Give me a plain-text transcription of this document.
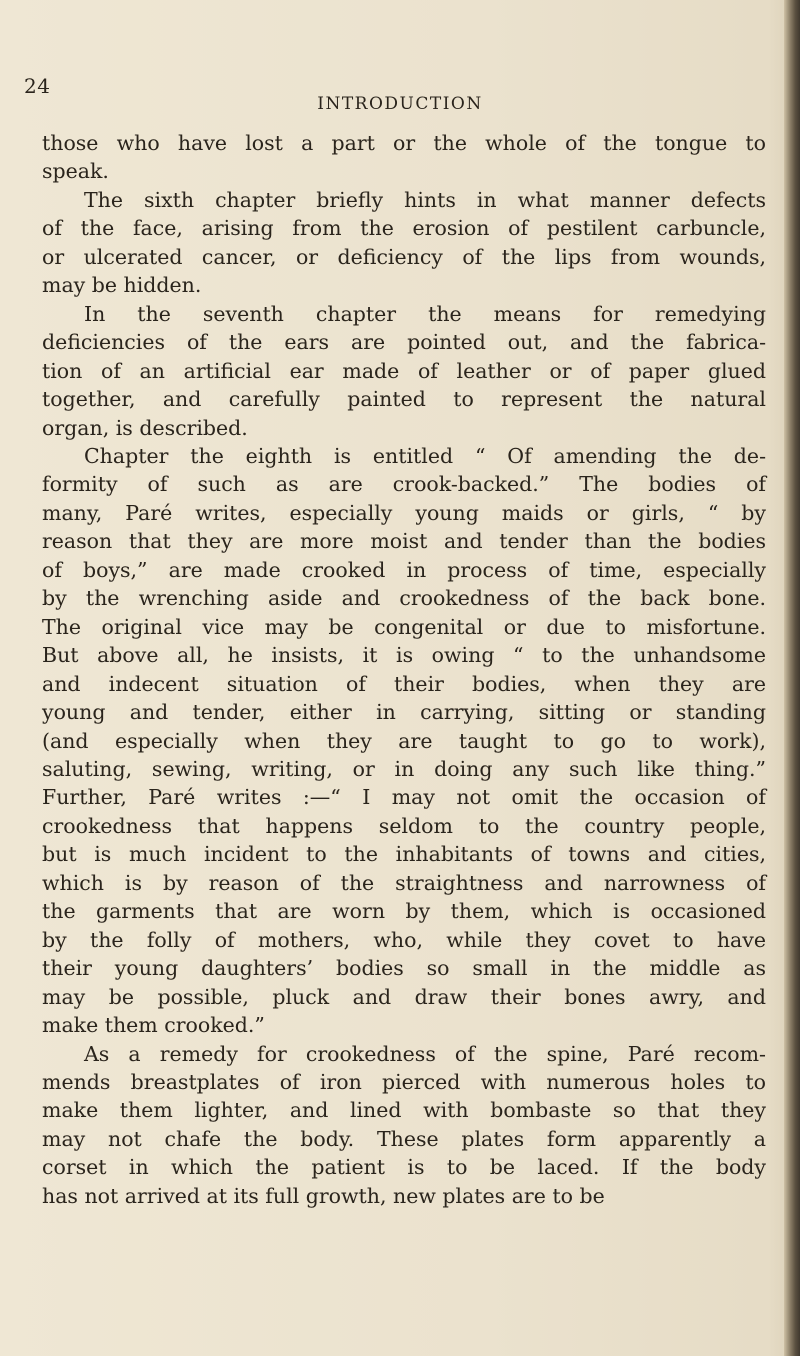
24

INTRODUCTION

those who have lost a part or the whole of the tongue to
speak.

The sixth chapter briefly hints in what manner defects
of the face, arising from the erosion of pestilent carbuncle,
or ulcerated cancer, or deficiency of the lips from wounds,
may be hidden.

In the seventh chapter the means for remedying
deficiencies of the ears are pointed out, and the fabrica-
tion of an artificial ear made of leather or of paper glued
together, and carefully painted to represent the natural
organ, is described.

Chapter the eighth is entitled “ Of amending the de-
formity of such as are crook-backed.” The bodies of
many, Paré writes, especially young maids or girls, “ by
reason that they are more moist and tender than the bodies
of boys,” are made crooked in process of time, especially
by the wrenching aside and crookedness of the back bone.
The original vice may be congenital or due to misfortune.
But above all, he insists, it is owing “ to the unhandsome
and indecent situation of their bodies, when they are
young and tender, either in carrying, sitting or standing
(and especially when they are taught to go to work),
saluting, sewing, writing, or in doing any such like thing.”
Further, Paré writes :—“ I may not omit the occasion of
crookedness that happens seldom to the country people,
but is much incident to the inhabitants of towns and cities,
which is by reason of the straightness and narrowness of
the garments that are worn by them, which is occasioned
by the folly of mothers, who, while they covet to have
their young daughters’ bodies so small in the middle as
may be possible, pluck and draw their bones awry, and
make them crooked.”

As a remedy for crookedness of the spine, Paré recom-
mends breastplates of iron pierced with numerous holes to
make them lighter, and lined with bombaste so that they
may not chafe the body. These plates form apparently a
corset in which the patient is to be laced. If the body
has not arrived at its full growth, new plates are to be
